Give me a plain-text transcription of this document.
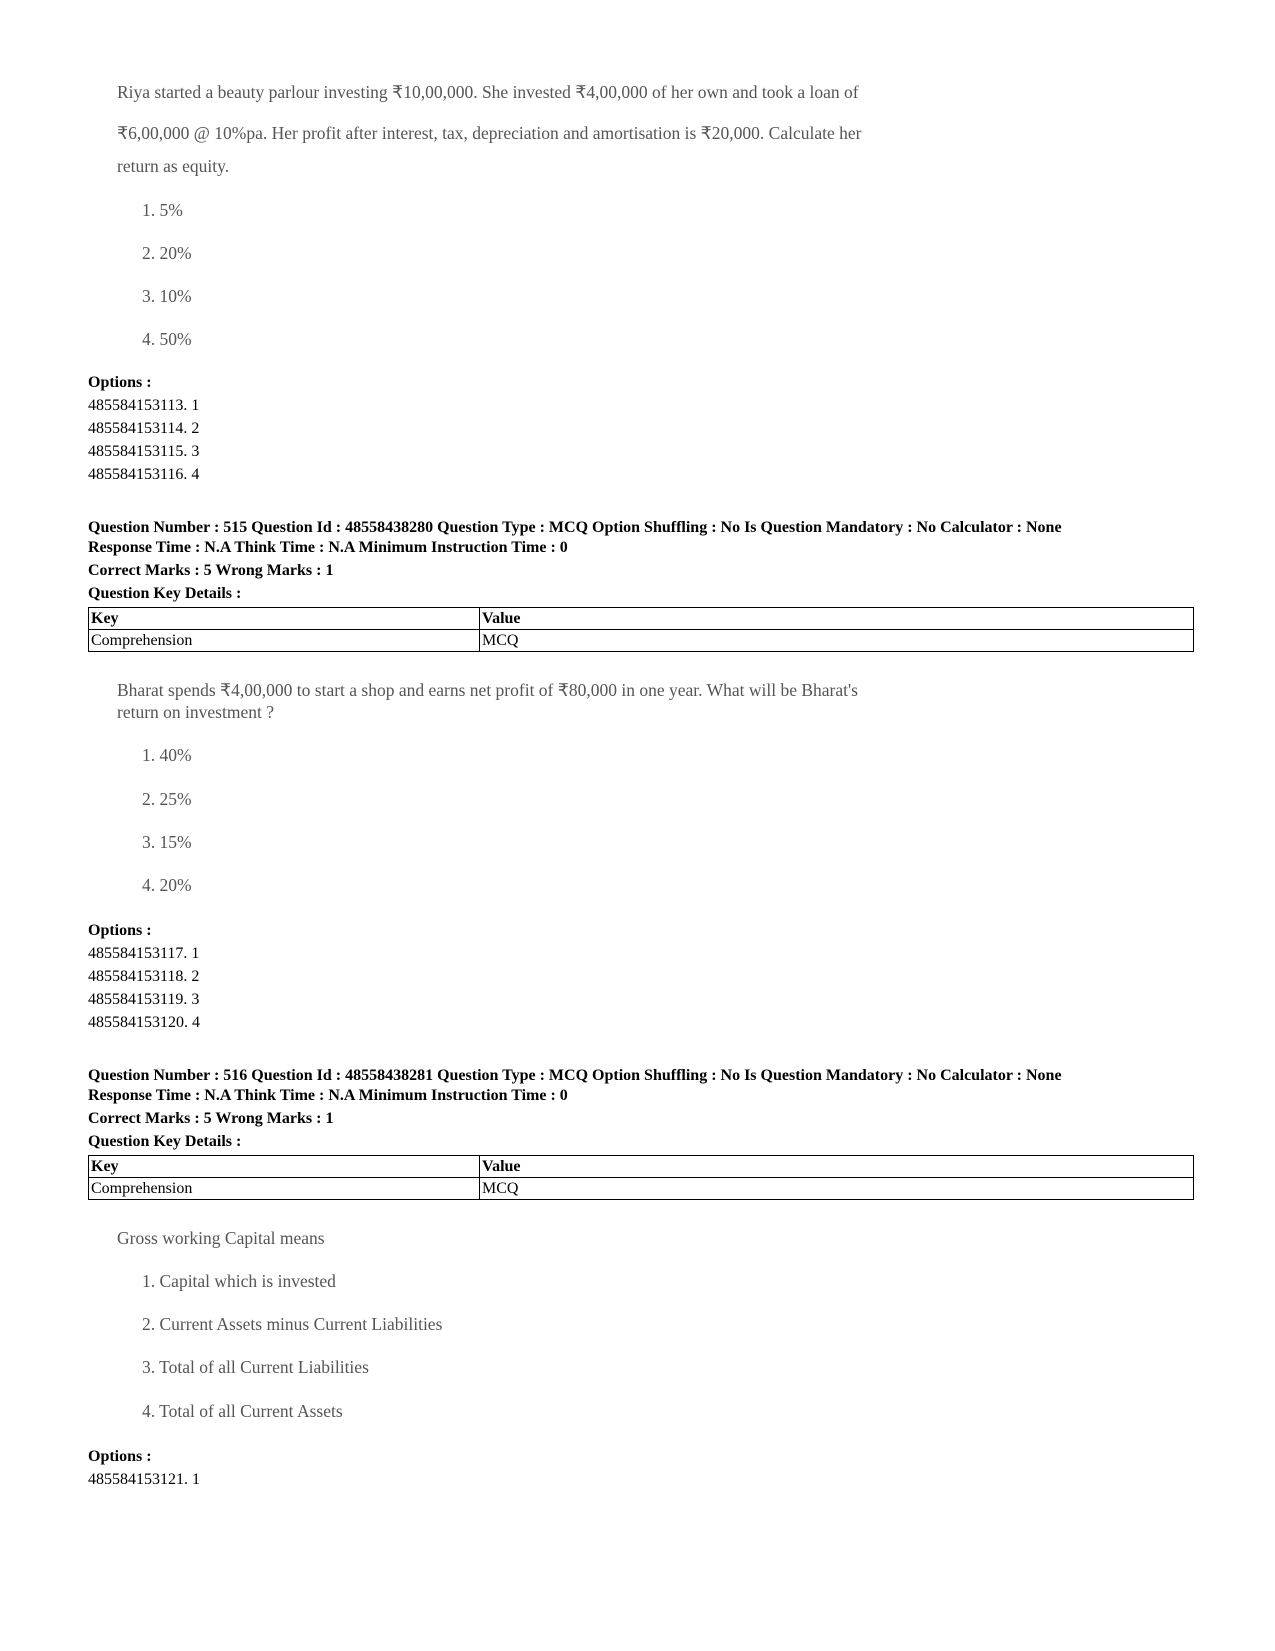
Riya started a beauty parlour investing ₹10,00,000. She invested ₹4,00,000 of her own and took a loan of

₹6,00,000 @ 10%pa. Her profit after interest, tax, depreciation and amortisation is ₹20,000. Calculate her

return as equity.

1. 5%
2. 20%
3. 10%
4. 50%
Options :
485584153113. 1
485584153114. 2
485584153115. 3
485584153116. 4
Question Number : 515 Question Id : 48558438280 Question Type : MCQ Option Shuffling : No Is Question Mandatory : No Calculator : None
Response Time : N.A Think Time : N.A Minimum Instruction Time : 0
Correct Marks : 5 Wrong Marks : 1
Question Key Details :
Key	Value
Comprehension	MCQ

Bharat spends ₹4,00,000 to start a shop and earns net profit of ₹80,000 in one year. What will be Bharat's

return on investment ?

1. 40%
2. 25%
3. 15%
4. 20%
Options :
485584153117. 1
485584153118. 2
485584153119. 3
485584153120. 4
Question Number : 516 Question Id : 48558438281 Question Type : MCQ Option Shuffling : No Is Question Mandatory : No Calculator : None
Response Time : N.A Think Time : N.A Minimum Instruction Time : 0
Correct Marks : 5 Wrong Marks : 1
Question Key Details :
Key	Value
Comprehension	MCQ

Gross working Capital means

1. Capital which is invested
2. Current Assets minus Current Liabilities
3. Total of all Current Liabilities
4. Total of all Current Assets
Options :
485584153121. 1
